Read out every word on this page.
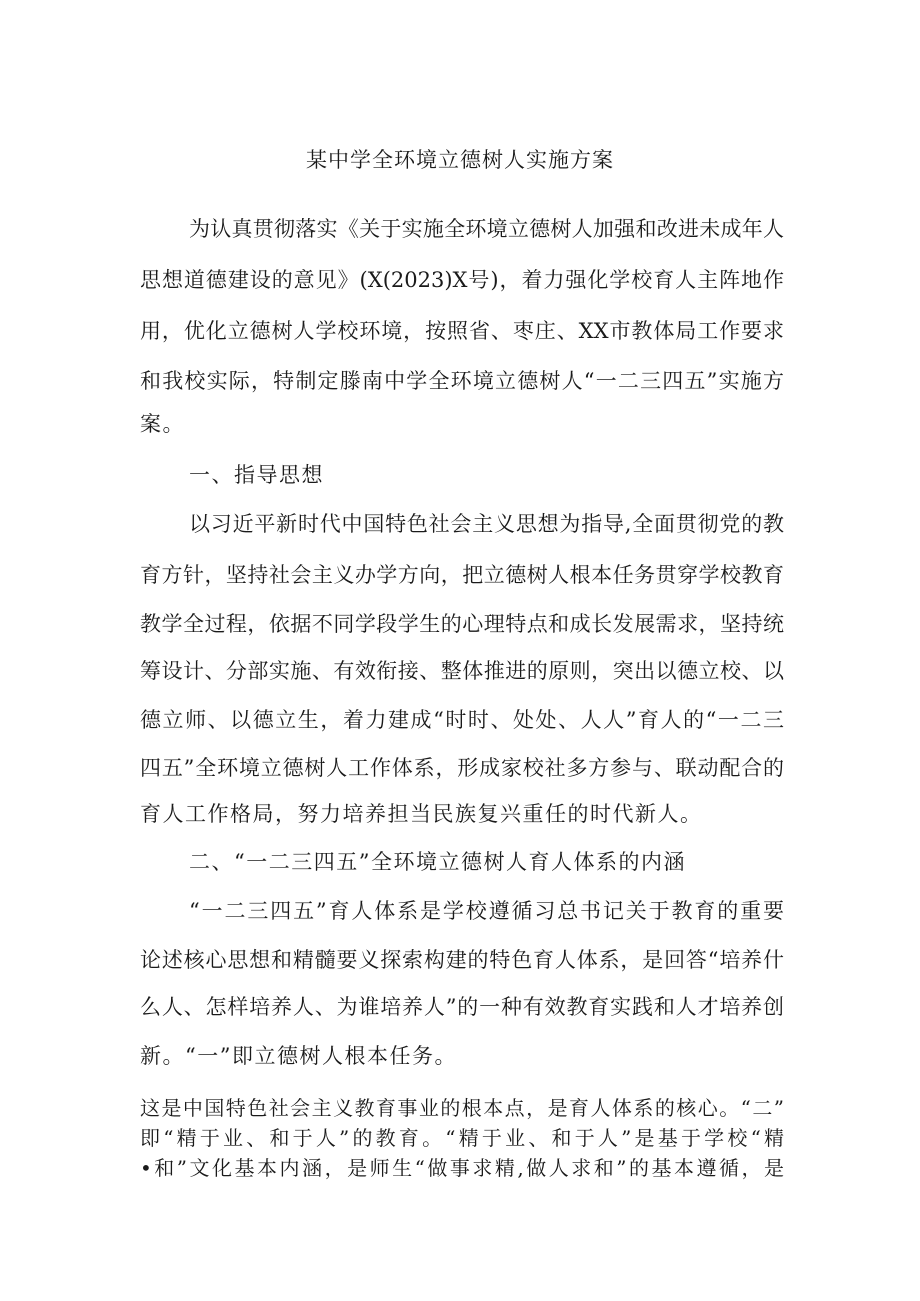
某中学全环境立德树人实施方案
为认真贯彻落实《关于实施全环境立德树人加强和改进未成年人
思想道德建设的意见》(X(2023)X号)，着力强化学校育人主阵地作
用，优化立德树人学校环境，按照省、枣庄、XX市教体局工作要求
和我校实际，特制定滕南中学全环境立德树人“一二三四五”实施方
案。
一、指导思想
以习近平新时代中国特色社会主义思想为指导,全面贯彻党的教
育方针，坚持社会主义办学方向，把立德树人根本任务贯穿学校教育
教学全过程，依据不同学段学生的心理特点和成长发展需求，坚持统
筹设计、分部实施、有效衔接、整体推进的原则，突出以德立校、以
德立师、以德立生，着力建成“时时、处处、人人”育人的“一二三
四五”全环境立德树人工作体系，形成家校社多方参与、联动配合的
育人工作格局，努力培养担当民族复兴重任的时代新人。
二、“一二三四五”全环境立德树人育人体系的内涵
“一二三四五”育人体系是学校遵循习总书记关于教育的重要
论述核心思想和精髓要义探索构建的特色育人体系，是回答“培养什
么人、怎样培养人、为谁培养人”的一种有效教育实践和人才培养创
新。“一”即立德树人根本任务。
这是中国特色社会主义教育事业的根本点，是育人体系的核心。“二”
即“精于业、和于人”的教育。“精于业、和于人”是基于学校“精
•和”文化基本内涵，是师生“做事求精,做人求和”的基本遵循，是
